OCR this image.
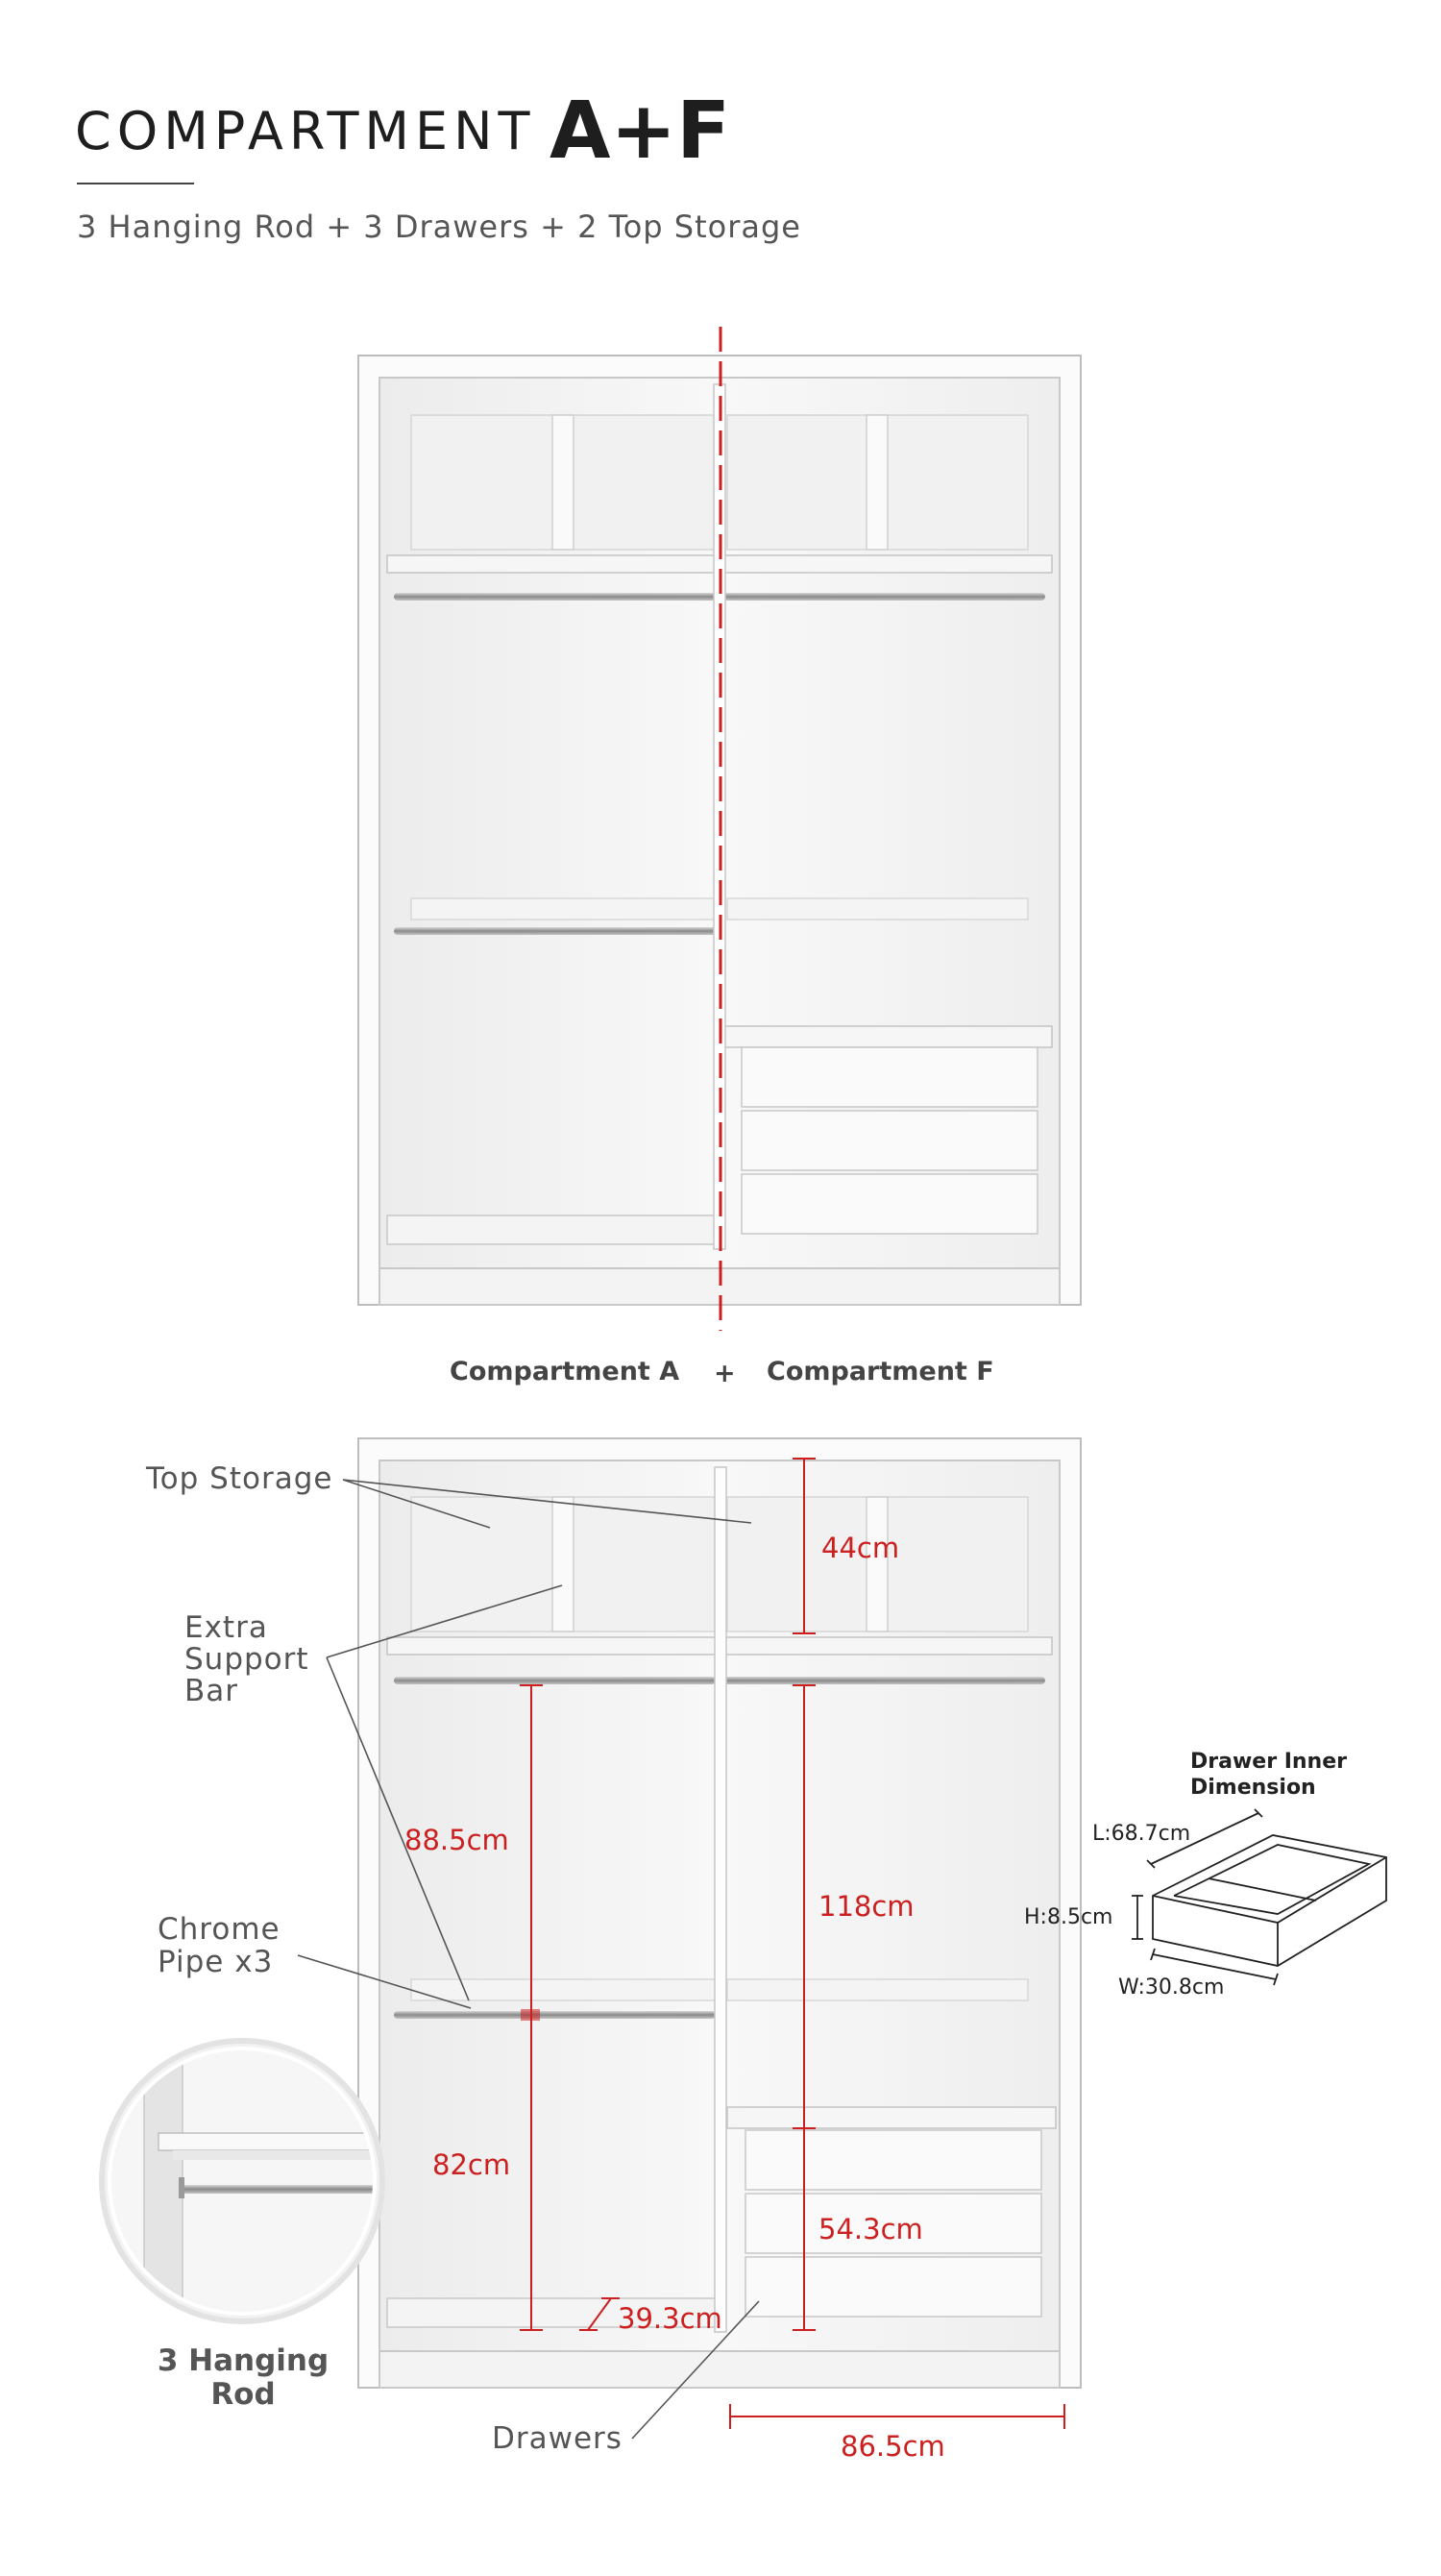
COMPARTMENT A+F
3 Hanging Rod + 3 Drawers + 2 Top Storage
Compartment A + Compartment F
44cm
88.5cm
118cm
82cm
54.3cm
39.3cm
86.5cm
Top Storage
Extra
Support
Bar
Chrome
Pipe x3
Drawers
3 Hanging
Rod
Drawer Inner
Dimension
L:68.7cm
H:8.5cm
W:30.8cm
